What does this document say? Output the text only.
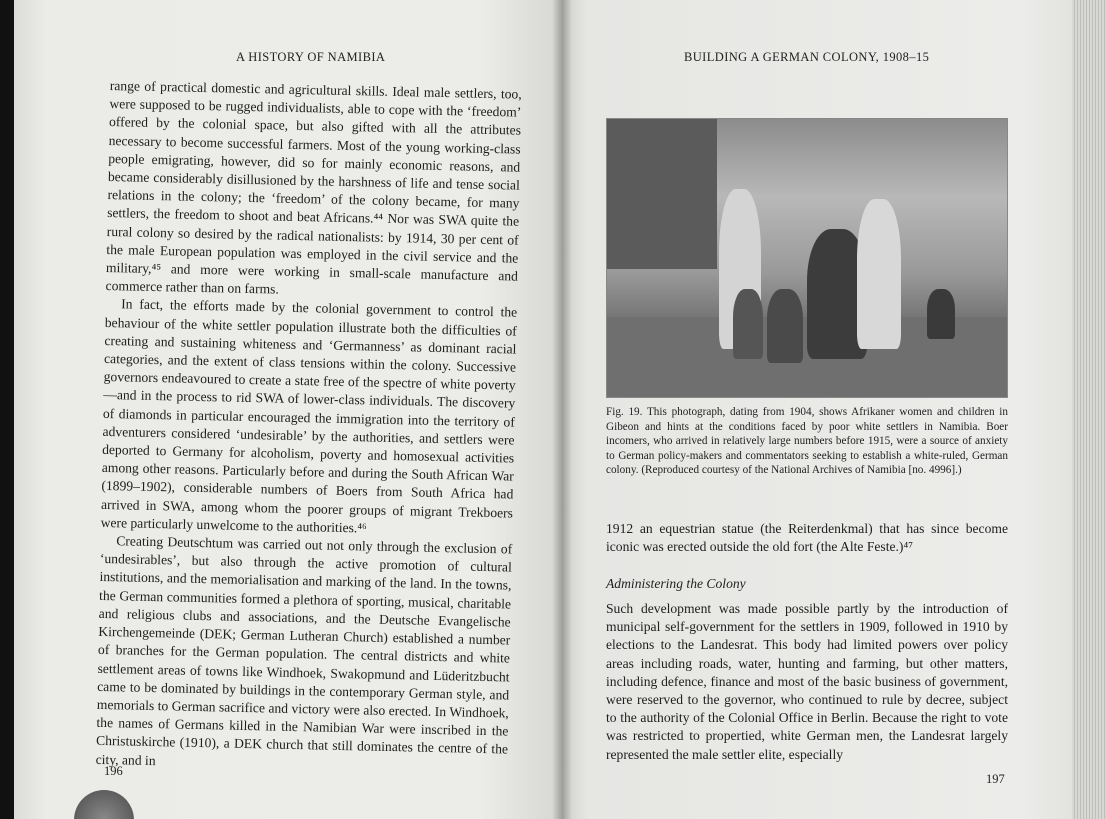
A HISTORY OF NAMIBIA

range of practical domestic and agricultural skills. Ideal male settlers, too, were supposed to be rugged individualists, able to cope with the ‘freedom’ offered by the colonial space, but also gifted with all the attributes necessary to become successful farmers. Most of the young working-class people emigrating, however, did so for mainly economic reasons, and became considerably disillusioned by the harshness of life and tense social relations in the colony; the ‘freedom’ of the colony became, for many settlers, the freedom to shoot and beat Africans.⁴⁴ Nor was SWA quite the rural colony so desired by the radical nationalists: by 1914, 30 per cent of the male European population was employed in the civil service and the military,⁴⁵ and more were working in small-scale manufacture and commerce rather than on farms.

In fact, the efforts made by the colonial government to control the behaviour of the white settler population illustrate both the difficulties of creating and sustaining whiteness and ‘Germanness’ as dominant racial categories, and the extent of class tensions within the colony. Successive governors endeavoured to create a state free of the spectre of white poverty—and in the process to rid SWA of lower-class individuals. The discovery of diamonds in particular encouraged the immigration into the territory of adventurers considered ‘undesirable’ by the authorities, and settlers were deported to Germany for alcoholism, poverty and homosexual activities among other reasons. Particularly before and during the South African War (1899–1902), considerable numbers of Boers from South Africa had arrived in SWA, among whom the poorer groups of migrant Trekboers were particularly unwelcome to the authorities.⁴⁶

Creating Deutschtum was carried out not only through the exclusion of ‘undesirables’, but also through the active promotion of cultural institutions, and the memorialisation and marking of the land. In the towns, the German communities formed a plethora of sporting, musical, charitable and religious clubs and associations, and the Deutsche Evangelische Kirchengemeinde (DEK; German Lutheran Church) established a number of branches for the German population. The central districts and white settlement areas of towns like Windhoek, Swakopmund and Lüderitzbucht came to be dominated by buildings in the contemporary German style, and memorials to German sacrifice and victory were also erected. In Windhoek, the names of Germans killed in the Namibian War were inscribed in the Christuskirche (1910), a DEK church that still dominates the centre of the city, and in

196
BUILDING A GERMAN COLONY, 1908–15
Fig. 19. This photograph, dating from 1904, shows Afrikaner women and children in Gibeon and hints at the conditions faced by poor white settlers in Namibia. Boer incomers, who arrived in relatively large numbers before 1915, were a source of anxiety to German policy-makers and commentators seeking to establish a white-ruled, German colony. (Reproduced courtesy of the National Archives of Namibia [no. 4996].)
1912 an equestrian statue (the Reiterdenkmal) that has since become iconic was erected outside the old fort (the Alte Feste.)⁴⁷
Administering the Colony
Such development was made possible partly by the introduction of municipal self-government for the settlers in 1909, followed in 1910 by elections to the Landesrat. This body had limited powers over policy areas including roads, water, hunting and farming, but other matters, including defence, finance and most of the basic business of government, were reserved to the governor, who continued to rule by decree, subject to the authority of the Colonial Office in Berlin. Because the right to vote was restricted to propertied, white German men, the Landesrat largely represented the male settler elite, especially
197
